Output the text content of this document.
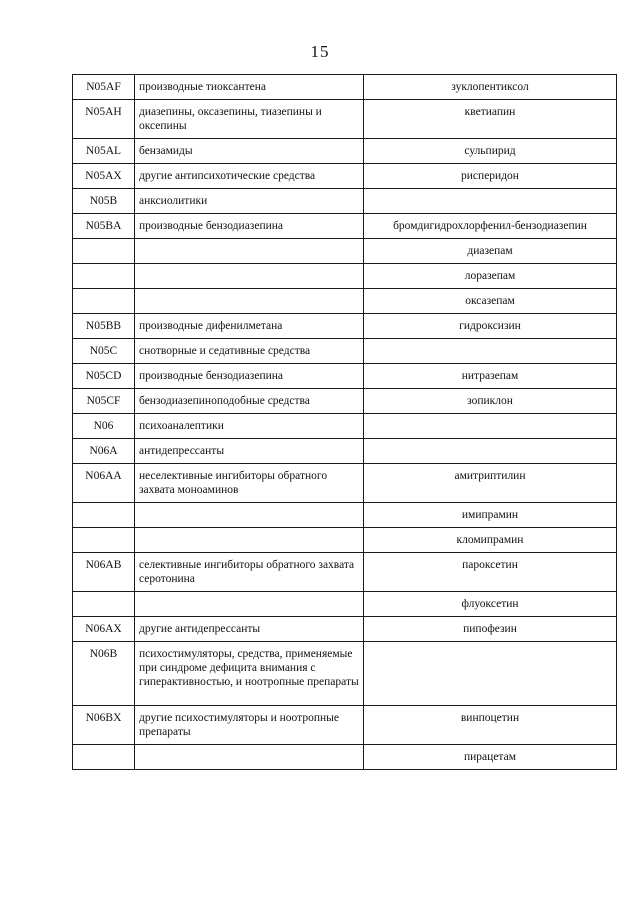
15
N05AF	производные тиоксантена	зуклопентиксол
N05AH	диазепины, оксазепины, тиазепины и оксепины	кветиапин
N05AL	бензамиды	сульпирид
N05AX	другие антипсихотические средства	рисперидон
N05B	анксиолитики	
N05BA	производные бензодиазепина	бромдигидрохлорфенил-бензодиазепин
		диазепам
		лоразепам
		оксазепам
N05BB	производные дифенилметана	гидроксизин
N05C	снотворные и седативные средства	
N05CD	производные бензодиазепина	нитразепам
N05CF	бензодиазепиноподобные средства	зопиклон
N06	психоаналептики	
N06A	антидепрессанты	
N06AA	неселективные ингибиторы обратного захвата моноаминов	амитриптилин
		имипрамин
		кломипрамин
N06AB	селективные ингибиторы обратного захвата серотонина	пароксетин
		флуоксетин
N06AX	другие антидепрессанты	пипофезин
N06B	психостимуляторы, средства, применяемые при синдроме дефицита внимания с гиперактивностью, и ноотропные препараты	
N06BX	другие психостимуляторы и ноотропные препараты	винпоцетин
		пирацетам
